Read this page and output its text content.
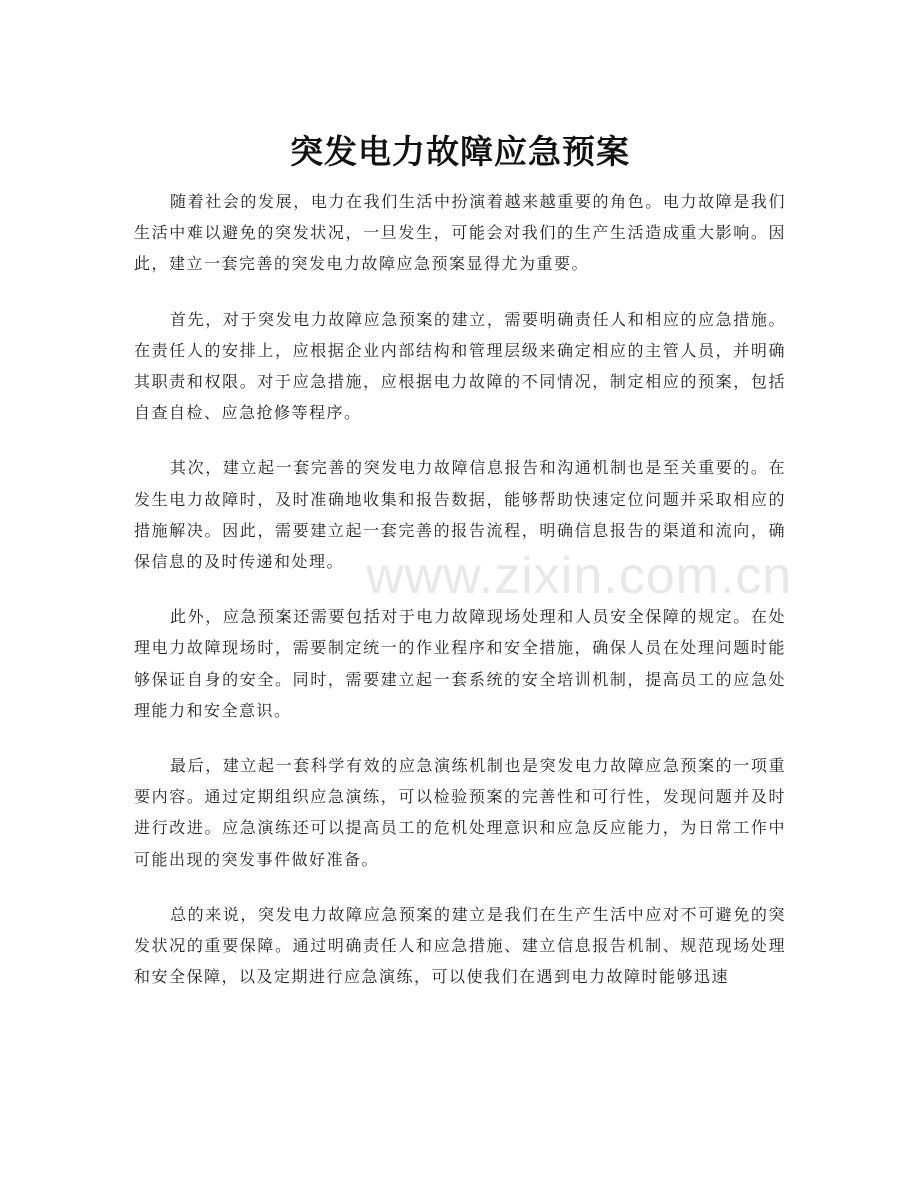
突发电力故障应急预案

随着社会的发展，电力在我们生活中扮演着越来越重要的角色。电力故障是我们生活中难以避免的突发状况，一旦发生，可能会对我们的生产生活造成重大影响。因此，建立一套完善的突发电力故障应急预案显得尤为重要。

首先，对于突发电力故障应急预案的建立，需要明确责任人和相应的应急措施。在责任人的安排上，应根据企业内部结构和管理层级来确定相应的主管人员，并明确其职责和权限。对于应急措施，应根据电力故障的不同情况，制定相应的预案，包括自查自检、应急抢修等程序。

其次，建立起一套完善的突发电力故障信息报告和沟通机制也是至关重要的。在发生电力故障时，及时准确地收集和报告数据，能够帮助快速定位问题并采取相应的措施解决。因此，需要建立起一套完善的报告流程，明确信息报告的渠道和流向，确保信息的及时传递和处理。

此外，应急预案还需要包括对于电力故障现场处理和人员安全保障的规定。在处理电力故障现场时，需要制定统一的作业程序和安全措施，确保人员在处理问题时能够保证自身的安全。同时，需要建立起一套系统的安全培训机制，提高员工的应急处理能力和安全意识。

最后，建立起一套科学有效的应急演练机制也是突发电力故障应急预案的一项重要内容。通过定期组织应急演练，可以检验预案的完善性和可行性，发现问题并及时进行改进。应急演练还可以提高员工的危机处理意识和应急反应能力，为日常工作中可能出现的突发事件做好准备。

总的来说，突发电力故障应急预案的建立是我们在生产生活中应对不可避免的突发状况的重要保障。通过明确责任人和应急措施、建立信息报告机制、规范现场处理和安全保障，以及定期进行应急演练，可以使我们在遇到电力故障时能够迅速

www.zixin.com.cn
